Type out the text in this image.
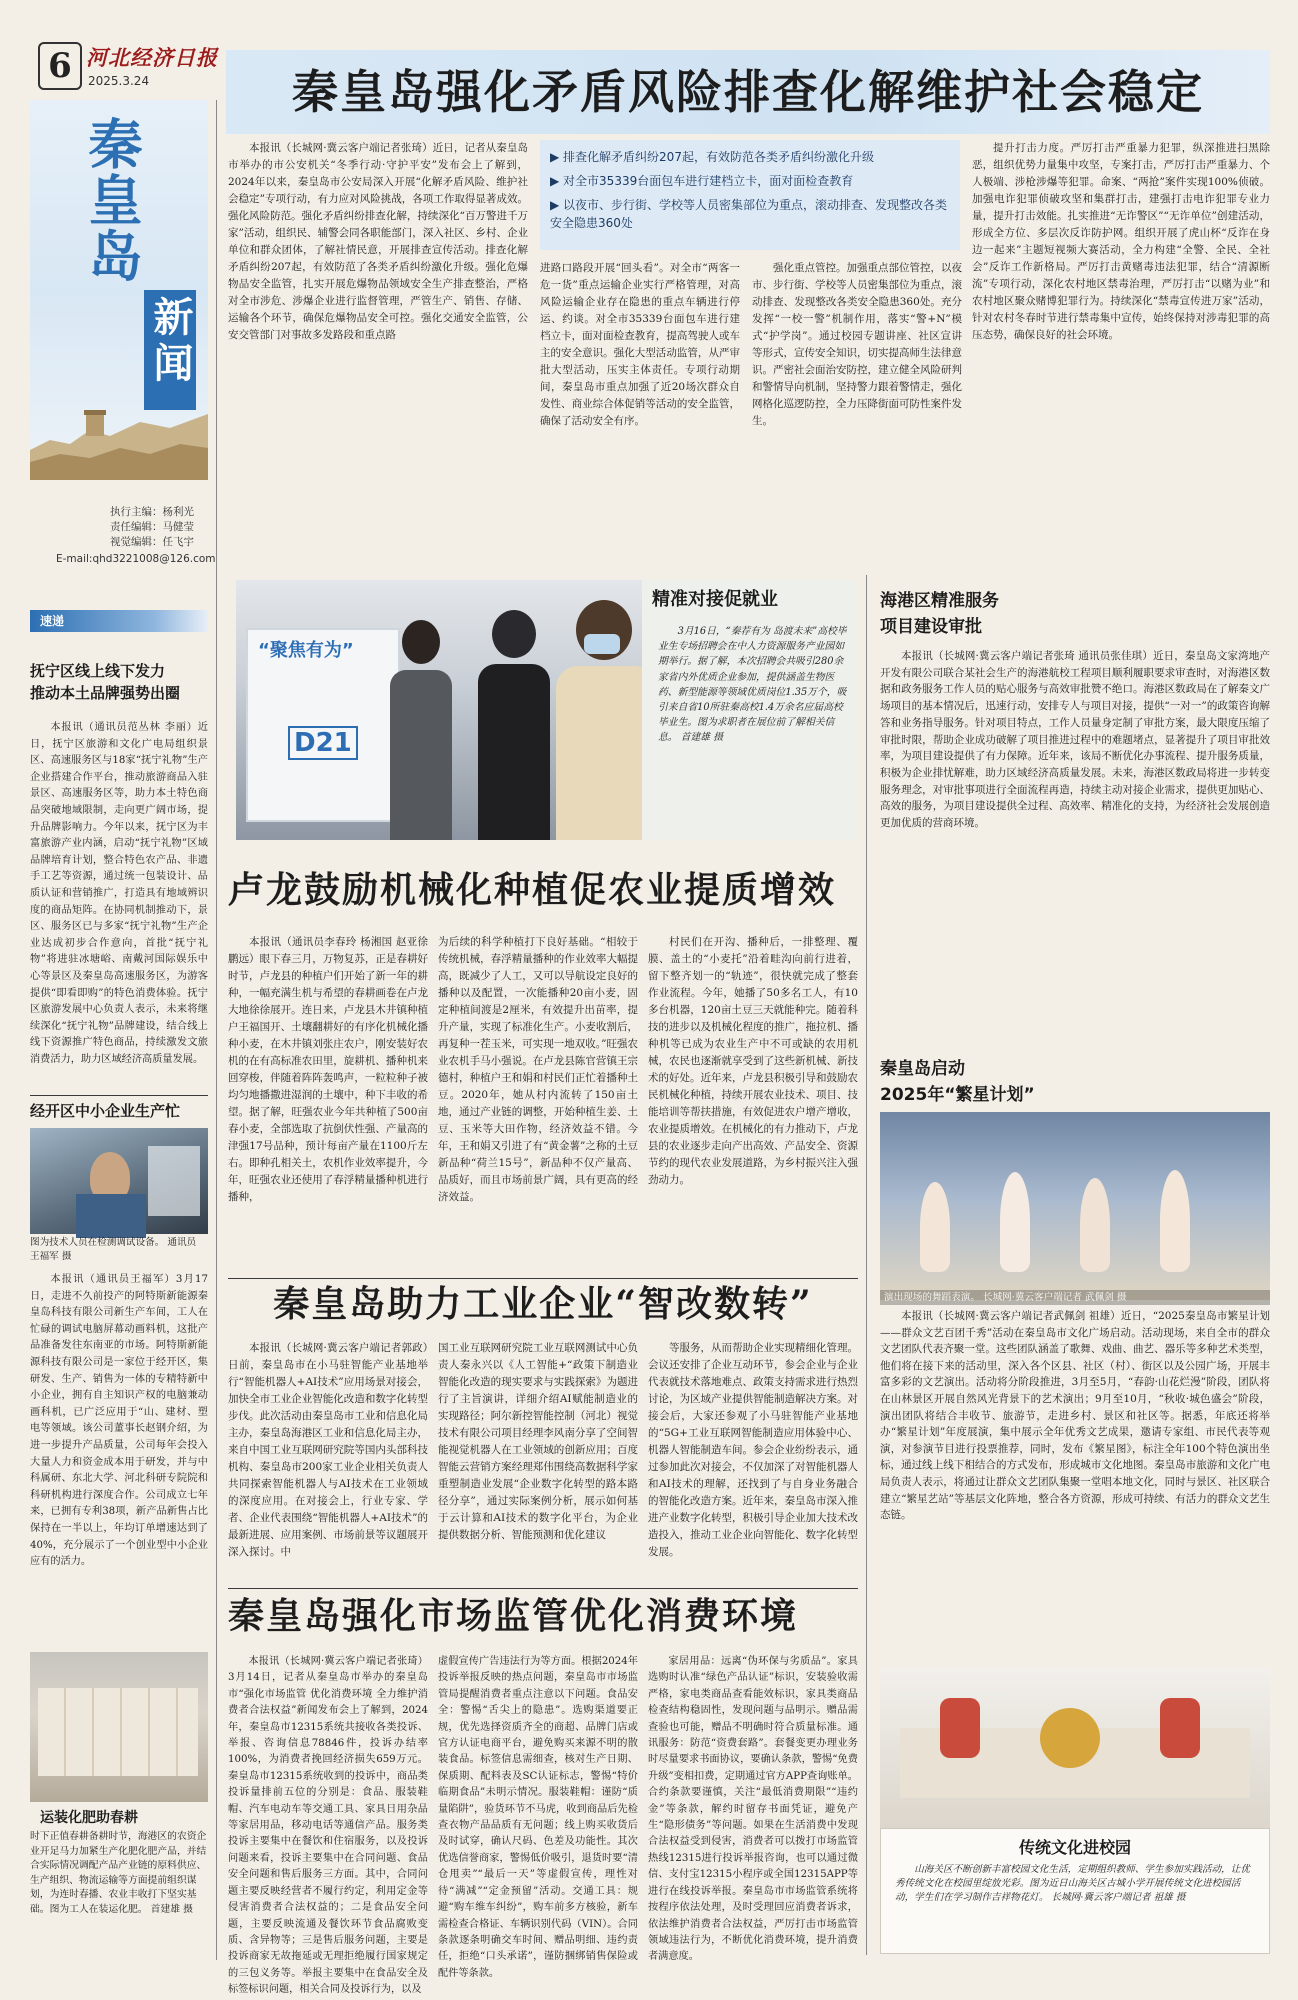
6 河北经济日报
2025.3.24	秦皇岛强化矛盾风险排查化解维护社会稳定
秦皇岛
新闻
执行主编：杨利光
责任编辑：马健莹
视觉编辑：任飞宇
E-mail:qhd3221008@126.com
速递
抚宁区线上线下发力
推动本土品牌强势出圈
本报讯（通讯员范丛林 李丽）近日，抚宁区旅游和文化广电局组织景区、高速服务区与18家“抚宁礼物”生产企业搭建合作平台，推动旅游商品入驻景区、高速服务区等，助力本土特色商品突破地域限制，走向更广阔市场，提升品牌影响力。今年以来，抚宁区为丰富旅游产业内涵，启动“抚宁礼物”区域品牌培育计划，整合特色农产品、非遗手工艺等资源，通过统一包装设计、品质认证和营销推广，打造具有地域辨识度的商品矩阵。在协同机制推动下，景区、服务区已与多家“抚宁礼物”生产企业达成初步合作意向，首批“抚宁礼物”将进驻冰塘峪、南戴河国际娱乐中心等景区及秦皇岛高速服务区，为游客提供“即看即购”的特色消费体验。抚宁区旅游发展中心负责人表示，未来将继续深化“抚宁礼物”品牌建设，结合线上线下资源推广特色商品，持续激发文旅消费活力，助力区域经济高质量发展。
经开区中小企业生产忙
图为技术人员在检测调试设备。 通讯员 王福军 摄
本报讯（通讯员王福军）3月17日，走进不久前投产的阿特斯新能源秦皇岛科技有限公司新生产车间，工人在忙碌的调试电脑屏幕动画料机，这批产品准备发往东南亚的市场。阿特斯新能源科技有限公司是一家位于经开区，集研发、生产、销售为一体的专精特新中小企业，拥有自主知识产权的电脑兼动画科机，已广泛应用于“山、建材、塑电等领域。该公司董事长赵钢介绍，为进一步提升产品质量，公司每年会投入大量人力和资金成本用于研发，并与中科属研、东北大学、河北科研专院院和科研机构进行深度合作。公司成立七年来，已拥有专利38项，新产品新售占比保持在一半以上，年均订单增速达到了40%，充分展示了一个创业型中小企业应有的活力。
运装化肥助春耕
时下正值春耕备耕时节，海港区的农资企业开足马力加紧生产化肥化肥产品，并结合实际情况调配产品产业链的原料供应、生产组织、物流运输等方面提前组织谋划，为连时春播、农业丰收打下坚实基础。图为工人在装运化肥。 首建雄 摄
本报讯（长城网·冀云客户端记者张琦）近日，记者从秦皇岛市举办的市公安机关“冬季行动·守护平安”发布会上了解到，2024年以来，秦皇岛市公安局深入开展“化解矛盾风险、维护社会稳定”专项行动，有力应对风险挑战，各项工作取得显著成效。强化风险防范。强化矛盾纠纷排查化解，持续深化“百万警进千万家”活动，组织民、辅警会同各职能部门，深入社区、乡村、企业单位和群众团体，了解社情民意，开展排查宣传活动。排查化解矛盾纠纷207起，有效防范了各类矛盾纠纷激化升级。强化危爆物品安全监管，扎实开展危爆物品领域安全生产排查整治，严格对全市涉危、涉爆企业进行监督管理，严管生产、销售、存储、运输各个环节，确保危爆物品安全可控。强化交通安全监管，公安交管部门对事故多发路段和重点路
▶ 排查化解矛盾纠纷207起，有效防范各类矛盾纠纷激化升级
▶ 对全市35339台面包车进行建档立卡，面对面检查教育
▶ 以夜市、步行街、学校等人员密集部位为重点，滚动排查、发现整改各类安全隐患360处
进路口路段开展“回头看”。对全市“两客一危一货”重点运输企业实行严格管理，对高风险运输企业存在隐患的重点车辆进行停运、约谈。对全市35339台面包车进行建档立卡，面对面检查教育，提高驾驶人或车主的安全意识。强化大型活动监管，从严审批大型活动，压实主体责任。专项行动期间，秦皇岛市重点加强了近20场次群众自发性、商业综合体促销等活动的安全监管，确保了活动安全有序。
强化重点管控。加强重点部位管控，以夜市、步行街、学校等人员密集部位为重点，滚动排查、发现整改各类安全隐患360处。充分发挥“一校一警”机制作用，落实“警+N”模式“护学岗”。通过校园专题讲座、社区宣讲等形式，宣传安全知识，切实提高师生法律意识。严密社会面治安防控，建立健全风险研判和警情导向机制，坚持警力跟着警情走，强化网格化巡逻防控，全力压降街面可防性案件发生。
提升打击力度。严厉打击严重暴力犯罪，纵深推进扫黑除恶，组织优势力量集中攻坚，专案打击，严厉打击严重暴力、个人极端、涉枪涉爆等犯罪。命案、“两抢”案件实现100%侦破。加强电诈犯罪侦破攻坚和集群打击，建强打击电诈犯罪专业力量，提升打击效能。扎实推进“无诈警区”“无诈单位”创建活动，形成全方位、多层次反诈防护网。组织开展了虎山杯“反诈在身边一起来”主题短视频大赛活动，全力构建“全警、全民、全社会”反诈工作新格局。严厉打击黄赌毒违法犯罪，结合“清源断流”专项行动，深化农村地区禁毒治理，严厉打击“以赌为业”和农村地区聚众赌博犯罪行为。持续深化“禁毒宣传进万家”活动，针对农村冬春时节进行禁毒集中宣传，始终保持对涉毒犯罪的高压态势，确保良好的社会环境。
“聚焦有为”
D21
精准对接促就业
3月16日，“秦荐有为 岛渡未来”高校毕业生专场招聘会在中人力资源服务产业园如期举行。据了解，本次招聘会共吸引280余家省内外优质企业参加，提供涵盖生物医药、新型能源等领域优质岗位1.35万个，吸引来自省10所驻秦高校1.4万余名应届高校毕业生。图为求职者在展位前了解相关信息。 首建雄 摄
海港区精准服务
项目建设审批
本报讯（长城网·冀云客户端记者张琦 通讯员张佳琪）近日，秦皇岛文家湾地产开发有限公司联合某社会生产的海港航校工程项目顺利履职要求审查时，对海港区数据和政务服务工作人员的贴心服务与高效审批赞不绝口。海港区数政局在了解秦文广场项目的基本情况后，迅速行动，安排专人与项目对接，提供“一对一”的政策咨询解答和业务指导服务。针对项目特点，工作人员量身定制了审批方案，最大限度压缩了审批时限，帮助企业成功破解了项目推进过程中的难题堵点，显著提升了项目审批效率，为项目建设提供了有力保障。近年来，该局不断优化办事流程、提升服务质量，积极为企业排忧解难，助力区域经济高质量发展。未来，海港区数政局将进一步转变服务理念，对审批事项进行全面流程再造，持续主动对接企业需求，提供更加贴心、高效的服务，为项目建设提供全过程、高效率、精准化的支持，为经济社会发展创造更加优质的营商环境。
秦皇岛启动
2025年“繁星计划”
演出现场的舞蹈表演。 长城网·冀云客户端记者 武佩剑 摄
本报讯（长城网·冀云客户端记者武佩剑 祖雄）近日，“2025秦皇岛市繁星计划——群众文艺百团千秀”活动在秦皇岛市文化广场启动。活动现场，来自全市的群众文艺团队代表齐聚一堂。这些团队涵盖了歌舞、戏曲、曲艺、器乐等多种艺术类型，他们将在接下来的活动里，深入各个区县、社区（村）、街区以及公园广场，开展丰富多彩的文艺演出。活动将分阶段推进，3月至5月，“春韵·山花烂漫”阶段，团队将在山林景区开展自然风光背景下的艺术演出；9月至10月，“秋收·城色盛会”阶段，演出团队将结合丰收节、旅游节，走进乡村、景区和社区等。据悉，年底还将举办“繁星计划”年度展演，集中展示全年优秀文艺成果，邀请专家组、市民代表等观演，对参演节目进行投票推荐，同时，发布《繁星图》，标注全年100个特色演出坐标，通过线上线下相结合的方式发布，形成城市文化地图。秦皇岛市旅游和文化广电局负责人表示，将通过让群众文艺团队集聚一堂唱本地文化，同时与景区、社区联合建立“繁星艺站”等基层文化阵地，整合各方资源，形成可持续、有活力的群众文艺生态链。
传统文化进校园
山海关区不断创新丰富校园文化生活，定期组织教师、学生参加实践活动，让优秀传统文化在校园里绽放光彩。图为近日山海关区古城小学开展传统文化进校园活动，学生们在学习制作吉祥物花灯。 长城网·冀云客户端记者 祖雄 摄
卢龙鼓励机械化种植促农业提质增效
本报讯（通讯员李春玲 杨湘国 赵亚徐鹏远）眼下春三月，万物复苏，正是春耕好时节，卢龙县的种植户们开始了新一年的耕种，一幅充满生机与希望的春耕画卷在卢龙大地徐徐展开。连日来，卢龙县木井镇种植户王福国开、土壤翻耕好的有序化机械化播种小麦，在木井镇刘张庄农户，刚安装好农机的在有高标准农田里，旋耕机、播种机来回穿梭，伴随着阵阵轰鸣声，一粒粒种子被均匀地播撒进湿润的土壤中，种下丰收的希望。据了解，旺强农业今年共种植了500亩春小麦，全部选取了抗倒伏性强、产量高的津强17号品种，预计每亩产量在1100斤左右。即种孔相关土，农机作业效率提升，今年，旺强农业还使用了春浮精量播种机进行播种，
为后续的科学种植打下良好基础。“相较于传统机械，春浮精量播种的作业效率大幅提高，既减少了人工，又可以导航设定良好的播种以及配置，一次能播种20亩小麦，固定种植间渡是2厘米，有效提升出苗率，提升产量，实现了标准化生产。小麦收割后，再复种一茬玉米，可实现一地双收。”旺强农业农机手马小强说。在卢龙县陈官营镇王宗德村，种植户王和娟和村民们正忙着播种土豆。2020年，她从村内流转了150亩土地，通过产业链的调整，开始种植生姜、土豆、玉米等大田作物，经济效益不错。今年，王和娟又引进了有“黄金薯”之称的土豆新品种“荷兰15号”，新品种不仅产量高、品质好，而且市场前景广阔，具有更高的经济效益。
村民们在开沟、播种后，一排整理、覆膜、盖土的“小麦托”沿着畦沟向前行进着，留下整齐划一的“轨迹”，很快就完成了整套作业流程。今年，她播了50多名工人，有10多台机器，120亩土豆三天就能种完。随着科技的进步以及机械化程度的推广，拖拉机、播种机等已成为农业生产中不可或缺的农用机械，农民也逐渐就享受到了这些新机械、新技术的好处。近年来，卢龙县积极引导和鼓励农民机械化种植，持续开展农业技术、项目、技能培训等帮扶措施，有效促进农户增产增收，农业提质增效。在机械化的有力推动下，卢龙县的农业逐步走向产出高效、产品安全、资源节约的现代农业发展道路，为乡村振兴注入强劲动力。
秦皇岛助力工业企业“智改数转”
本报讯（长城网·冀云客户端记者郭政）日前，秦皇岛市在小马驻智能产业基地举行“智能机器人+AI技术”应用场景对接会，加快全市工业企业智能化改造和数字化转型步伐。此次活动由秦皇岛市工业和信息化局主办，秦皇岛海港区工业和信息化局主办，来自中国工业互联网研究院等国内头部科技机构、秦皇岛市200家工业企业相关负责人共同探索智能机器人与AI技术在工业领域的深度应用。在对接会上，行业专家、学者、企业代表围绕“智能机器人+AI技术”的最新进展、应用案例、市场前景等议题展开深入探讨。中
国工业互联网研究院工业互联网测试中心负责人秦永兴以《人工智能+“政策下制造业智能化改造的现实要求与实践探索》为题进行了主旨演讲，详细介绍AI赋能制造业的实现路径；阿尔新控智能控制（河北）视觉技术有限公司项目经理李风南分享了空间智能视觉机器人在工业领域的创新应用；百度智能云营销方案经理郑伟围绕高数据科学家重塑制造业发展“企业数字化转型的路本路径分享”，通过实际案例分析，展示如何基于云计算和AI技术的数字化平台，为企业提供数据分析、智能预测和优化建议
等服务，从而帮助企业实现精细化管理。会议还安排了企业互动环节，参会企业与企业代表就技术落地难点、政策支持需求进行热烈讨论，为区域产业提供智能制造解决方案。对接会后，大家还参观了小马驻智能产业基地的“5G+工业互联网智能制造应用体验中心、机器人智能制造车间。参会企业纷纷表示，通过参加此次对接会，不仅加深了对智能机器人和AI技术的理解，还找到了与自身业务融合的智能化改造方案。近年来，秦皇岛市深入推进产业数字化转型，积极引导企业加大技术改造投入，推动工业企业向智能化、数字化转型发展。
秦皇岛强化市场监管优化消费环境
本报讯（长城网·冀云客户端记者张琦）3月14日，记者从秦皇岛市举办的秦皇岛市“强化市场监管 优化消费环境 全力维护消费者合法权益”新闻发布会上了解到，2024年，秦皇岛市12315系统共接收各类投诉、举报、咨询信息78846件，投诉办结率100%，为消费者挽回经济损失659万元。秦皇岛市12315系统收到的投诉中，商品类投诉量排前五位的分别是：食品、服装鞋帽、汽车电动车等交通工具、家具日用杂品等家居用品，移动电话等通信产品。服务类投诉主要集中在餐饮和住宿服务，以及投诉问题来看，投诉主要集中在合同问题、食品安全问题和售后服务三方面。其中，合同问题主要反映经营者不履行约定，利用定金等侵害消费者合法权益的；二是食品安全问题，主要反映流通及餐饮环节食品腐败变质、含异物等；三是售后服务问题，主要是投诉商家无故拖延或无理拒绝履行国家规定的三包义务等。举报主要集中在食品安全及标签标识问题，相关合同及投诉行为，以及
虚假宣传广告违法行为等方面。根据2024年投诉举报反映的热点问题，秦皇岛市市场监管局提醒消费者重点注意以下问题。食品安全：警惕“舌尖上的隐患”。选购渠道要正规，优先选择资质齐全的商超、品牌门店或官方认证电商平台，避免购买来源不明的散装食品。标签信息需细查，核对生产日期、保质期、配料表及SC认证标志，警惕“特价临期食品”未明示情况。服装鞋帽：谨防“质量陷阱”，验货环节不马虎，收到商品后先检查衣物产品品质有无问题；线上购买收货后及时试穿，确认尺码、色差及功能性。其次优选信誉商家，警惕低价吸引，退货时要“清仓甩卖”“最后一天”等虚假宣传，理性对待“满减”“定金预留”活动。交通工具：规避“购车维车纠纷”，购车前多方核验，新车需检查合格证、车辆识别代码（VIN）。合同条款逐条明确交车时间、赠品明细、违约责任，拒绝“口头承诺”，谨防捆绑销售保险或配件等条款。
家居用品：远离“伪环保与劣质品”。家具选购时认准“绿色产品认证”标识，安装验收需严格，家电类商品查看能效标识，家具类商品检查结构稳固性，发现问题与品明示。赠品需查验也可能，赠品不明确时符合质量标准。通讯服务：防范“资费套路”。套餐变更办理业务时尽量要求书面协议，要确认条款，警惕“免费升级”变相扣费，定期通过官方APP查询账单。合约条款要谨慎，关注“最低消费期限”“违约金”等条款，解约时留存书面凭证，避免产生“隐形债务”等问题。如果在生活消费中发现合法权益受到侵害，消费者可以拨打市场监管热线12315进行投诉举报咨询，也可以通过微信、支付宝12315小程序或全国12315APP等进行在线投诉举报。秦皇岛市市场监管系统将按程序依法处理，及时受理回应消费者诉求，依法维护消费者合法权益，严厉打击市场监管领域违法行为，不断优化消费环境，提升消费者满意度。
